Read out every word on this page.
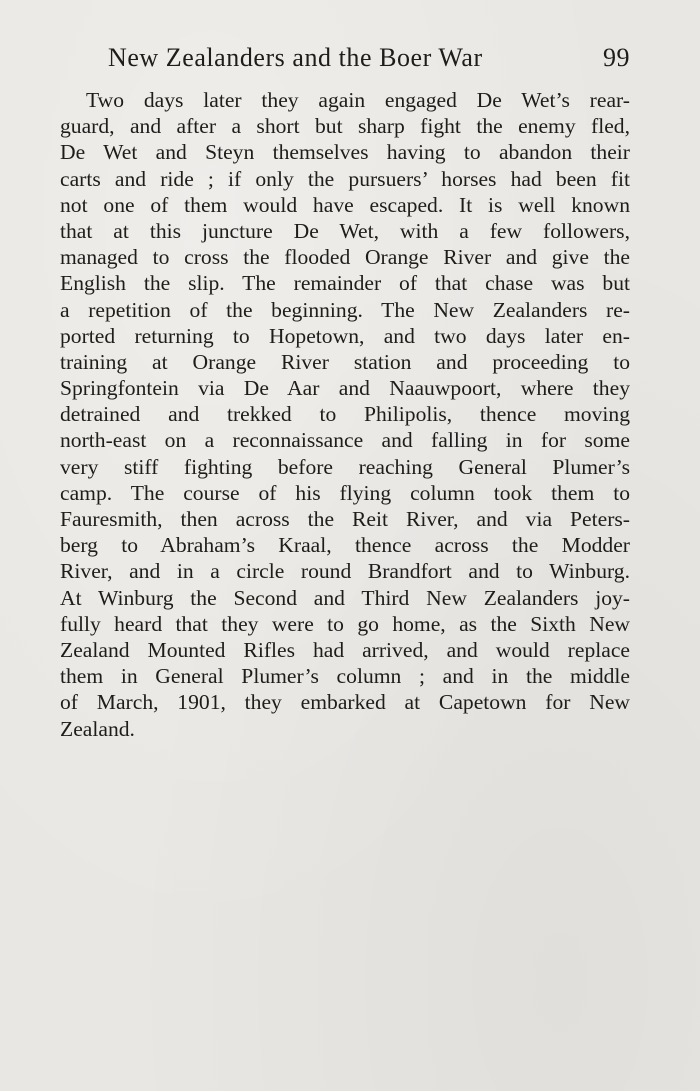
New Zealanders and the Boer War	99
Two days later they again engaged De Wet’s rear-
guard, and after a short but sharp fight the enemy fled,
De Wet and Steyn themselves having to abandon their
carts and ride ; if only the pursuers’ horses had been fit
not one of them would have escaped. It is well known
that at this juncture De Wet, with a few followers,
managed to cross the flooded Orange River and give the
English the slip. The remainder of that chase was but
a repetition of the beginning. The New Zealanders re-
ported returning to Hopetown, and two days later en-
training at Orange River station and proceeding to
Springfontein via De Aar and Naauwpoort, where they
detrained and trekked to Philipolis, thence moving
north-east on a reconnaissance and falling in for some
very stiff fighting before reaching General Plumer’s
camp. The course of his flying column took them to
Fauresmith, then across the Reit River, and via Peters-
berg to Abraham’s Kraal, thence across the Modder
River, and in a circle round Brandfort and to Winburg.
At Winburg the Second and Third New Zealanders joy-
fully heard that they were to go home, as the Sixth New
Zealand Mounted Rifles had arrived, and would replace
them in General Plumer’s column ; and in the middle
of March, 1901, they embarked at Capetown for New
Zealand.
